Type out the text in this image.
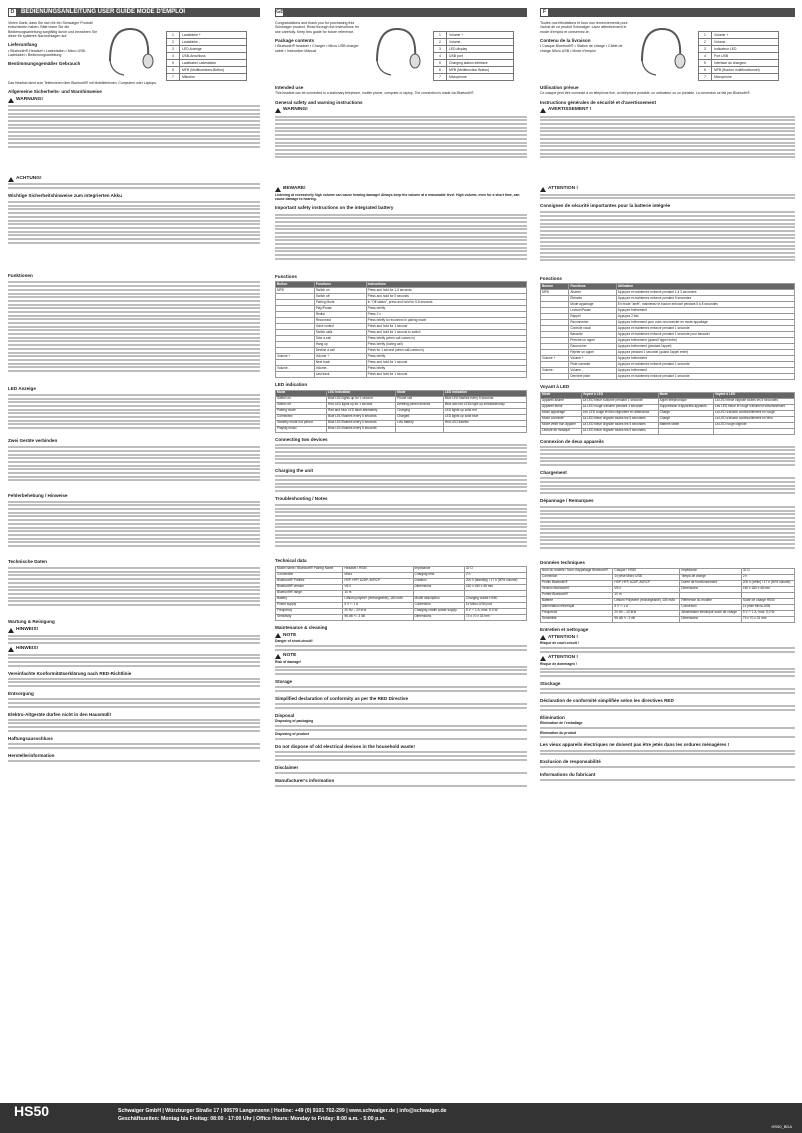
D	BEDIENUNGSANLEITUNG USER GUIDE MODE D'EMPLOI

Vielen Dank, dass Sie sich für ein Schwaiger Produkt entschieden haben. Bitte lesen Sie die Bedienungsanleitung sorgfältig durch und bewahren Sie diese für späteres Nachschlagen auf.

Lieferumfang

• Bluetooth®-Headset • Ladestation • Micro USB-Ladekabel • Bedienungsanleitung

Bestimmungsgemäßer Gebrauch
1	Lautstärke +
2	Lautstärke -
3	LED Anzeige
4	USB-Anschluss
5	Ladekabel Ladestation
6	MFB (Multifunktions-Button)
7	Mikrofon

Das Headset dient zum Telefonieren über Bluetooth® mit Mobiltelefonen, Computern oder Laptops.

Allgemeine Sicherheits- und Warnhinweise
WARNUNG!
ACHTUNG!
Wichtige Sicherheitshinweise zum integrierten Akku
Funktionen
LED Anzeige
Zwei Geräte verbinden
Fehlerbehebung / Hinweise
Technische Daten
Wartung & Reinigung
HINWEIS!
HINWEIS!
Vereinfachte Konformitätserklärung nach RED-Richtlinie
Entsorgung
Elektro-Altgeräte dürfen nicht in den Hausmüll!
Haftungsausschluss
Herstellerinformation
GB

Congratulations and thank you for purchasing this Schwaiger product. Read through the instructions for use carefully. Keep this guide for future reference.

Package contents

• Bluetooth® headset • Charger • Micro USB charger cable • Instruction Manual

1	Volume +
2	Volume -
3	LED display
4	USB port
5	Charging station interface
6	MFB (Multifunction Button)
7	Microphone
Intended use

This headset can be connected to a stationary telephone, mobile phone, computer or laptop. The connection is made via Bluetooth®.

General safety and warning instructions
WARNING!
BEWARE!

Listening at excessively high volume can cause hearing damage! Always keep the volume at a reasonable level. High volume, even for a short time, can cause damage to hearing.

Important safety instructions on the integrated battery
Functions
Button	Functions	Instructions
MFB	Switch on	Press and hold for 1-3 seconds
	Switch off	Press and hold for 5 seconds
	Pairing Mode	In "Off status", press and hold for 5-8 seconds
	Play/Pause	Press briefly
	Redial	Press 2 x
	Reconnect	Press briefly to reconnect in pairing mode
	Voice control	Press and hold for 1 second
	Switch calls	Press and hold for 1 second to switch
	Take a call	Press briefly (when call comes in)
	Hang up	Press briefly (during call)
	Decline a call	Press for 1 second (when call comes in)
Volume +	Volume +	Press briefly
	Next track	Press and hold for 1 second
Volume -	Volume -	Press briefly
	Last track	Press and hold for 1 second
LED indication
Mode	LED indication	Mode	LED indication
Switch on	Blue LED lights up for 1 second	Phone call	Blue LED flashes every 5 seconds
Switch off	Red LED lights up for 1 second	Deleting paired devices	Blue and red LEDs light up simultaneously
Pairing mode	Red and blue LED flash alternately	Charging	LED lights up solid red
Connected	Blue LED flashes every 5 seconds	Charged	LED lights up solid blue
Standby mode not paired	Blue LED flashes every 5 seconds	Low battery	Red LED flashes
Playing music	Blue LED flashes every 5 seconds		
Connecting two devices
Charging the unit
Troubleshooting / Notes
Technical data
Model name / Bluetooth® Pairing Name	Headset / HS50	Impedance	32 Ω
Connection	Micro	Charging time	2 h
Bluetooth® Profiles	HSP, HFP, A2DP, AVRCP	Duration	200 h (standby) / 17 h (50% volume)
Bluetooth® version	V5.0	Dimensions	150 x 180 x 48 mm
Bluetooth® range	10 m		
Battery	Lithium polymer (rechargeable), 180 mAh	Model description	Charging cradle HS50
Power supply	5 V ⎓ 1 A	Connection	1x Micro-USB port
Frequency	20 Hz – 20 kHz	Charging cradle power supply	5 V ⎓ 1 A; max. 5.0 W
Sensitivity	98 dB +/- 3 dB	Dimensions	73 x 70 x 33 mm
Maintenance & cleaning
NOTE

Danger of short-circuit!

NOTE

Risk of damage!

Storage
Simplified declaration of conformity as per the RED Directive
Disposal

Disposing of packaging

Disposing of product

Do not dispose of old electrical devices in the household waste!
Disclaimer
Manufacturer's information
F

Toutes nos félicitations et tous nos remerciements pour l'achat de ce produit Schwaiger. Lisez attentivement le mode d'emploi et conservez-le.

Contenu de la livraison

• Casque Bluetooth® • Station de charge • Câble de charge Micro USB • Mode d'emploi

1	Volume +
2	Volume -
3	Indicateur LED
4	Port USB
5	Interface du chargeur
6	MFB (Bouton multifonctionnel)
7	Microphone
Utilisation prévue

Ce casque peut être connecté à un téléphone fixe, un téléphone portable, un ordinateur ou un portable. La connexion se fait par Bluetooth®.

Instructions générales de sécurité et d'avertissement
AVERTISSEMENT !
ATTENTION !
Consignes de sécurité importantes pour la batterie intégrée
Fonctions
Bouton	Fonctions	Utilisation
MFB	Allumer	Appuyez et maintenez enfoncé pendant 1 à 3 secondes
	Éteindre	Appuyez et maintenez enfoncé pendant 5 secondes
	Mode appairage	En mode "arrêt", maintenez le bouton enfoncé pendant 5 à 8 secondes
	Lecture/Pause	Appuyez brièvement
	Rappel	Appuyez 2 fois
	Reconnecter	Appuyez brièvement pour vous reconnecter en mode appairage
	Contrôle vocal	Appuyez et maintenez enfoncé pendant 1 seconde
	Basculer	Appuyez et maintenez enfoncé pendant 1 seconde pour basculer
	Prendre un appel	Appuyez brièvement (quand l'appel entre)
	Raccrocher	Appuyez brièvement (pendant l'appel)
	Rejeter un appel	Appuyez pendant 1 seconde (quand l'appel entre)
Volume +	Volume +	Appuyez brièvement
	Piste suivante	Appuyez et maintenez enfoncé pendant 1 seconde
Volume -	Volume -	Appuyez brièvement
	Dernière piste	Appuyez et maintenez enfoncé pendant 1 seconde
Voyant à LED
Mode	Voyant à LED	Mode	Voyant à LED
Appareil allumé	La LED bleue s'allume pendant 1 seconde	Appel téléphonique	La LED bleue clignote toutes les 5 secondes
Appareil éteint	La LED rouge s'allume pendant 1 seconde	Suppression d'appareils appariés	Les LED bleue et rouge s'allument simultanément
Mode appairage	Les LED rouge et bleu clignotent en alternance	Charge	La LED s'allume continuellement en rouge
Mode connecté	La LED bleue clignote toutes les 5 secondes	Chargé	La LED s'allume continuellement en bleu
Mode veille non apparié	La LED bleue clignote toutes les 5 secondes	Batterie faible	La LED rouge clignote
Lecture de musique	La LED bleue clignote toutes les 5 secondes		
Connexion de deux appareils
Chargement
Dépannage / Remarques
Données techniques
Nom du modèle / Nom d'appairage Bluetooth®	Casque / HS50	Impédance	32 Ω
Connexion	1x prise Micro USB	Temps de charge	2 h
Profils Bluetooth®	HSP, HFP, A2DP, AVRCP	Durée de fonctionnement	200 h (veille) / 17 h (50% volume)
Version Bluetooth®	V5.0	Dimensions	150 x 180 x 48 mm
Portée Bluetooth®	10 m		
Batterie	Lithium Polymère (rechargeable), 180 mAh	Référence du modèle	Socle de charge HS50
Alimentation électrique	5 V ⎓ 1 A	Connexion	1x prise Micro-USB
Fréquence	20 Hz – 20 kHz	Alimentation électrique socle de charge	5 V ⎓ 1 A, max. 5,0 W
Sensibilité	98 dB +/- 3 dB	Dimensions	73 x 70 x 33 mm
Entretien et nettoyage
ATTENTION !

Risque de court-circuit !

ATTENTION !

Risque de dommages !

Stockage
Déclaration de conformité simplifiée selon les directives RED
Élimination

Élimination de l'emballage

Élimination du produit

Les vieux appareils électriques ne doivent pas être jetés dans les ordures ménagères !
Exclusion de responsabilité
Informations du fabricant
HS50	Schwaiger GmbH | Würzburger Straße 17 | 90579 Langenzenn | Hotline: +49 (0) 9101 702-299 | www.schwaiger.de | info@schwaiger.de
Geschäftszeiten: Montag bis Freitag: 08:00 - 17:00 Uhr | Office Hours: Monday to Friday: 8:00 a.m. - 5:00 p.m.
HS50_BDA
